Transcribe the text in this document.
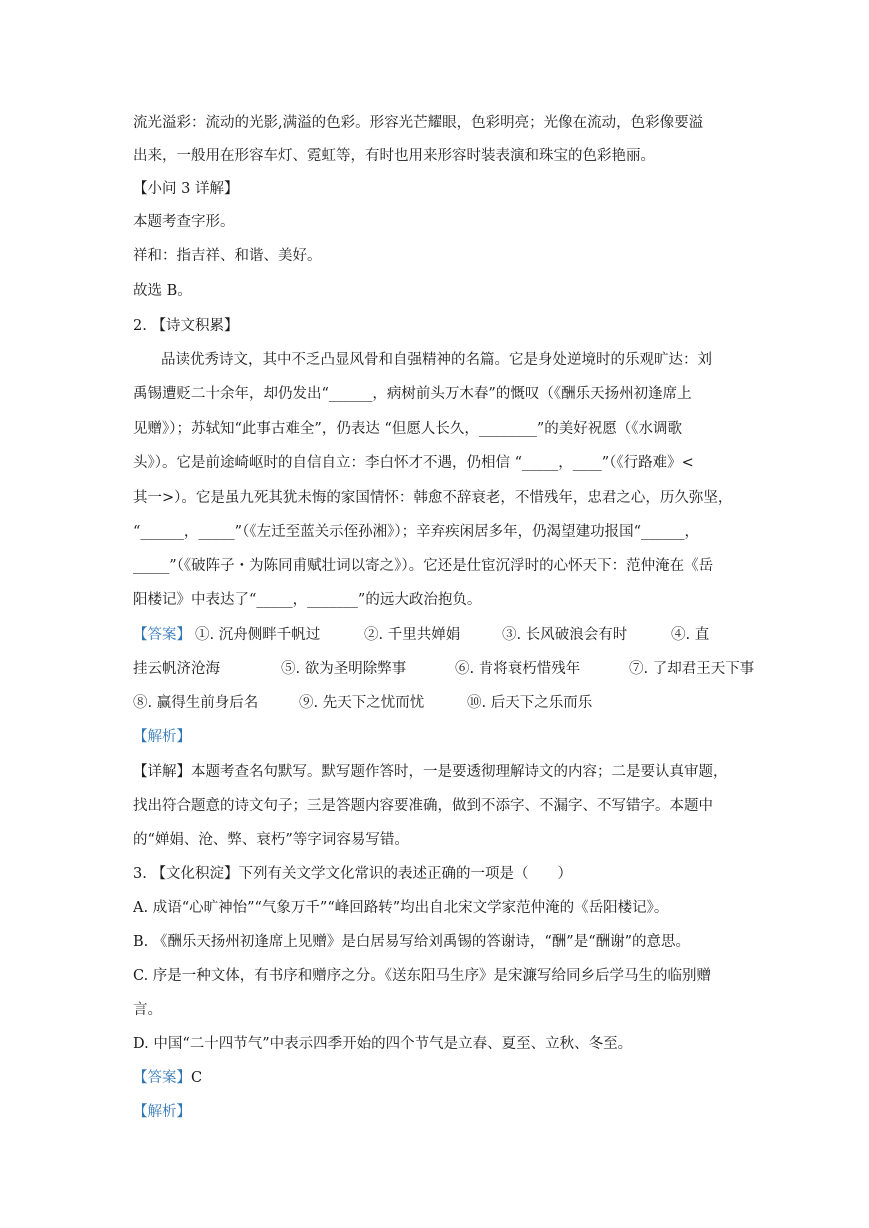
流光溢彩：流动的光影,满溢的色彩。形容光芒耀眼，色彩明亮；光像在流动，色彩像要溢
出来，一般用在形容车灯、霓虹等，有时也用来形容时装表演和珠宝的色彩艳丽。
【小问 3 详解】
本题考查字形。
祥和：指吉祥、和谐、美好。
故选 B。
2. 【诗文积累】
品读优秀诗文，其中不乏凸显风骨和自强精神的名篇。它是身处逆境时的乐观旷达：刘
禹锡遭贬二十余年，却仍发出“______，病树前头万木春”的慨叹（《酬乐天扬州初逢席上
见赠》）；苏轼知“此事古难全”，仍表达 “但愿人长久，________”的美好祝愿（《水调歌
头》）。它是前途崎岖时的自信自立：李白怀才不遇，仍相信 “_____，____”（《行路难》<
其一>）。它是虽九死其犹未悔的家国情怀：韩愈不辞衰老，不惜残年，忠君之心，历久弥坚，
“______，_____”（《左迁至蓝关示侄孙湘》）；辛弃疾闲居多年，仍渴望建功报国“______，
_____”（《破阵子・为陈同甫赋壮词以寄之》）。它还是仕宦沉浮时的心怀天下：范仲淹在《岳
阳楼记》中表达了“_____，_______”的远大政治抱负。
【答案】 ①. 沉舟侧畔千帆过	②. 千里共婵娟	③. 长风破浪会有时	④. 直
挂云帆济沧海	⑤. 欲为圣明除弊事	⑥. 肯将衰朽惜残年	⑦. 了却君王天下事
⑧. 赢得生前身后名	⑨. 先天下之忧而忧	⑩. 后天下之乐而乐
【解析】
【详解】本题考查名句默写。默写题作答时，一是要透彻理解诗文的内容；二是要认真审题，
找出符合题意的诗文句子；三是答题内容要准确，做到不添字、不漏字、不写错字。本题中
的“婵娟、沧、弊、衰朽”等字词容易写错。
3. 【文化积淀】下列有关文学文化常识的表述正确的一项是（　　）
A. 成语“心旷神怡”“气象万千”“峰回路转”均出自北宋文学家范仲淹的《岳阳楼记》。
B. 《酬乐天扬州初逢席上见赠》是白居易写给刘禹锡的答谢诗，“酬”是“酬谢”的意思。
C. 序是一种文体，有书序和赠序之分。《送东阳马生序》是宋濂写给同乡后学马生的临别赠
言。
D. 中国“二十四节气”中表示四季开始的四个节气是立春、夏至、立秋、冬至。
【答案】C
【解析】
